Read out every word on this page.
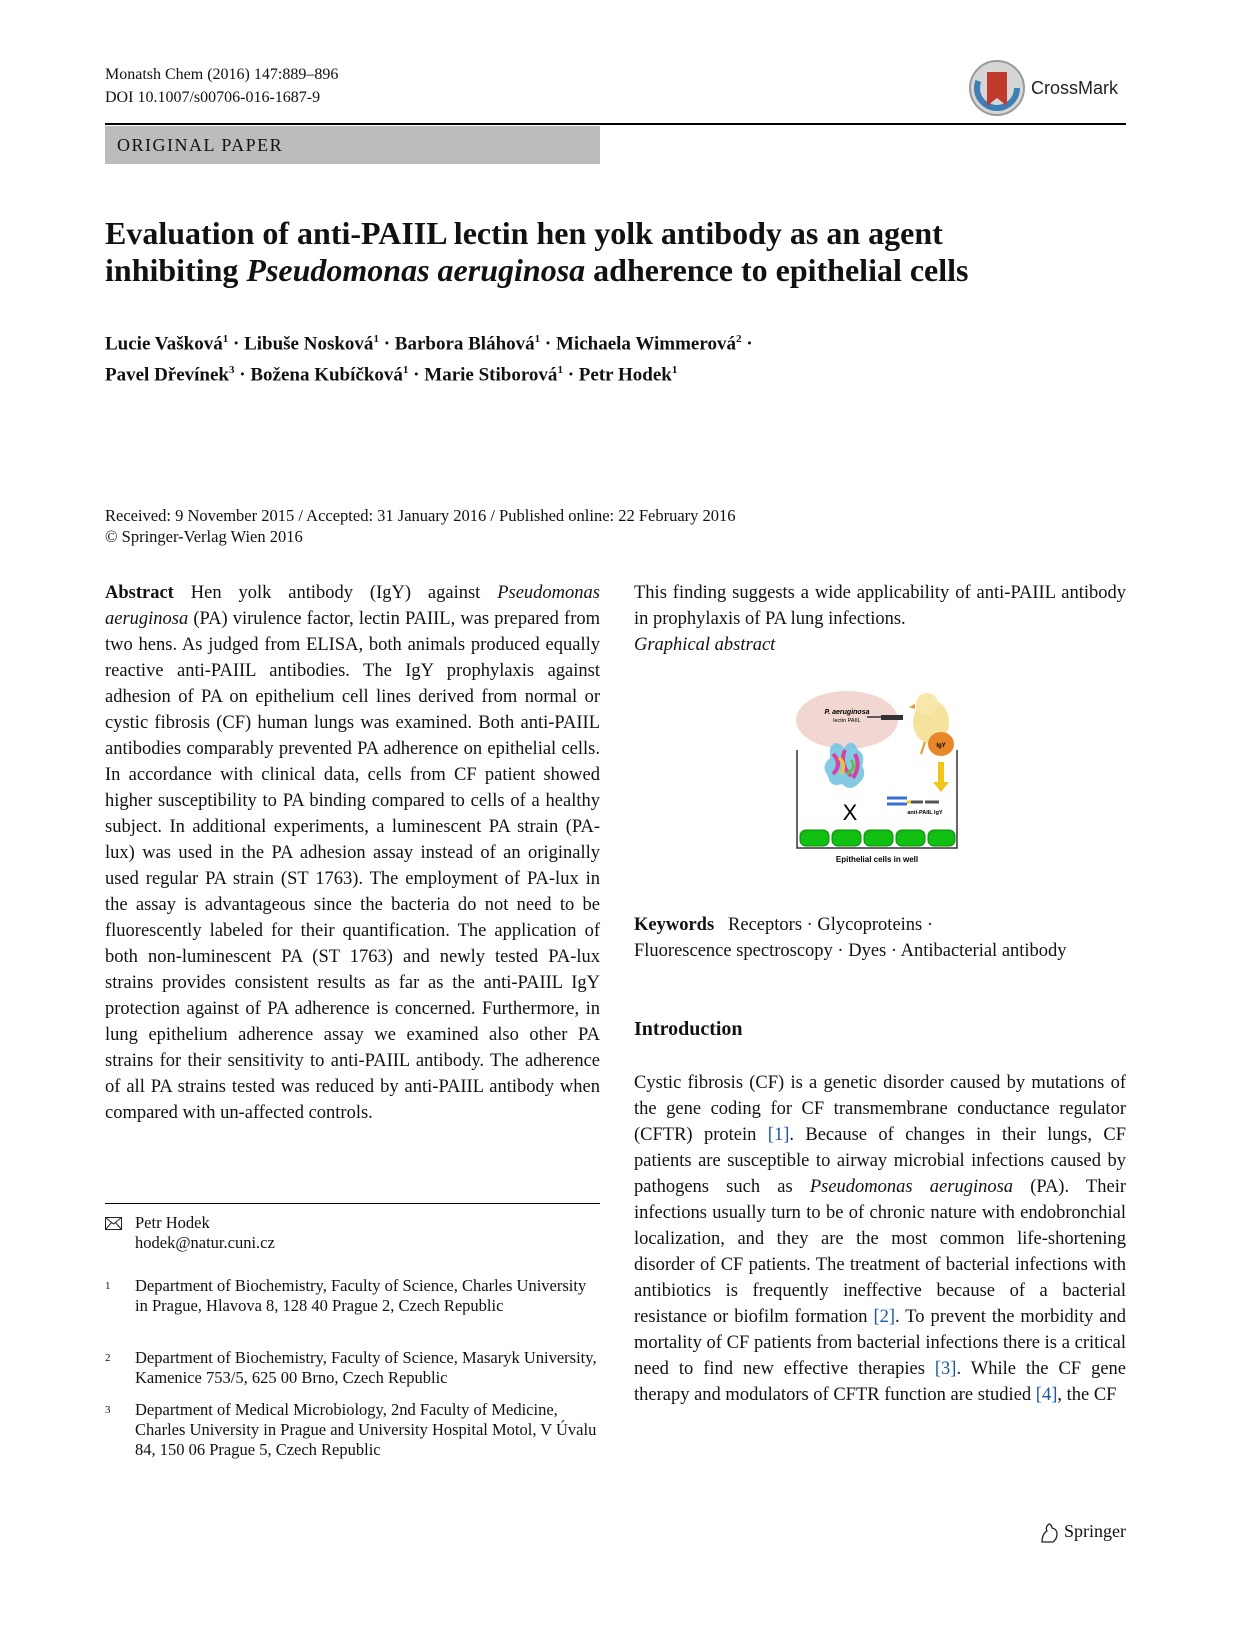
Monatsh Chem (2016) 147:889–896
DOI 10.1007/s00706-016-1687-9	CrossMark
ORIGINAL PAPER
Evaluation of anti-PAIIL lectin hen yolk antibody as an agent
inhibiting Pseudomonas aeruginosa adherence to epithelial cells
Lucie Vašková$^1$ · Libuše Nosková$^1$ · Barbora Bláhová$^1$ · Michaela Wimmerová$^2$ ·
Pavel Dřevínek$^3$ · Božena Kubíčková$^1$ · Marie Stiborová$^1$ · Petr Hodek$^1$
Received: 9 November 2015 / Accepted: 31 January 2016 / Published online: 22 February 2016
© Springer-Verlag Wien 2016

Abstract Hen yolk antibody (IgY) against Pseudomonas aeruginosa (PA) virulence factor, lectin PAIIL, was prepared from two hens. As judged from ELISA, both animals produced equally reactive anti-PAIIL antibodies. The IgY prophylaxis against adhesion of PA on epithelium cell lines derived from normal or cystic fibrosis (CF) human lungs was examined. Both anti-PAIIL antibodies comparably prevented PA adherence on epithelial cells. In accordance with clinical data, cells from CF patient showed higher susceptibility to PA binding compared to cells of a healthy subject. In additional experiments, a luminescent PA strain (PA-lux) was used in the PA adhesion assay instead of an originally used regular PA strain (ST 1763). The employment of PA-lux in the assay is advantageous since the bacteria do not need to be fluorescently labeled for their quantification. The application of both non-luminescent PA (ST 1763) and newly tested PA-lux strains provides consistent results as far as the anti-PAIIL IgY protection against of PA adherence is concerned. Furthermore, in lung epithelium adherence assay we examined also other PA strains for their sensitivity to anti-PAIIL antibody. The adherence of all PA strains tested was reduced by anti-PAIIL antibody when compared with un-affected controls.

Petr Hodek
hodek@natur.cuni.cz
1 Department of Biochemistry, Faculty of Science, Charles University in Prague, Hlavova 8, 128 40 Prague 2, Czech Republic
2 Department of Biochemistry, Faculty of Science, Masaryk University, Kamenice 753/5, 625 00 Brno, Czech Republic
3 Department of Medical Microbiology, 2nd Faculty of Medicine, Charles University in Prague and University Hospital Motol, V Úvalu 84, 150 06 Prague 5, Czech Republic

This finding suggests a wide applicability of anti-PAIIL antibody in prophylaxis of PA lung infections.

Graphical abstract

P. aeruginosa
lectin PAIIL
IgY
X	anti-PAIIL IgY
Epithelial cells in well
Keywords Receptors · Glycoproteins ·
Fluorescence spectroscopy · Dyes · Antibacterial antibody
Introduction

Cystic fibrosis (CF) is a genetic disorder caused by mutations of the gene coding for CF transmembrane conductance regulator (CFTR) protein [1]. Because of changes in their lungs, CF patients are susceptible to airway microbial infections caused by pathogens such as Pseudomonas aeruginosa (PA). Their infections usually turn to be of chronic nature with endobronchial localization, and they are the most common life-shortening disorder of CF patients. The treatment of bacterial infections with antibiotics is frequently ineffective because of a bacterial resistance or biofilm formation [2]. To prevent the morbidity and mortality of CF patients from bacterial infections there is a critical need to find new effective therapies [3]. While the CF gene therapy and modulators of CFTR function are studied [4], the CF

Springer
